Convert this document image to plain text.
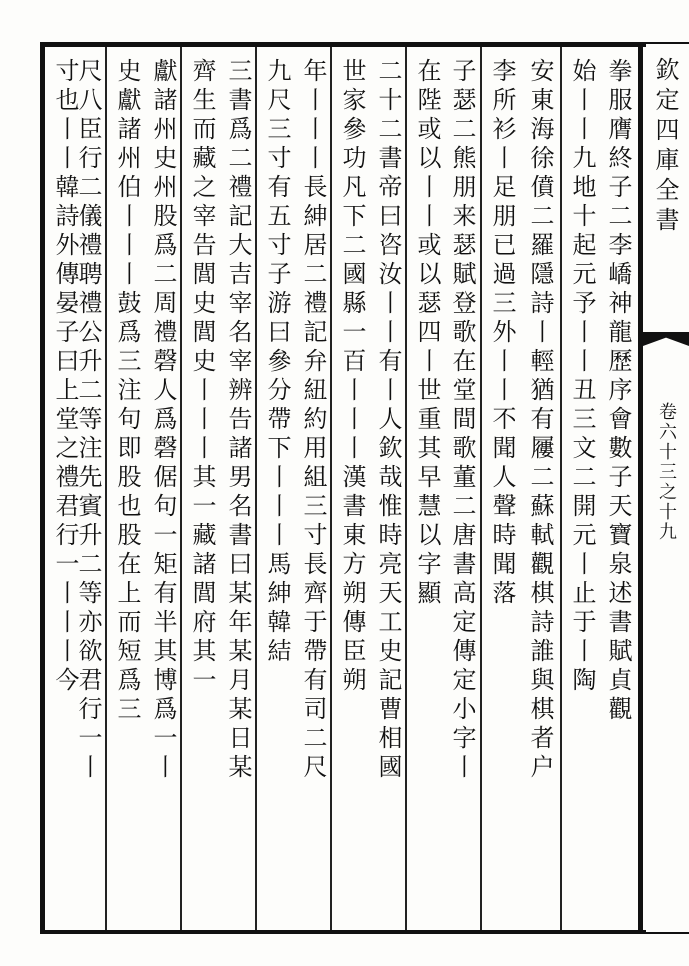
欽定四庫全書
卷六十三之十九
拳服膺終子二李嶠神龍歷序會數子天寶泉述書賦貞觀
始丨丨九地十起元予丨丨丑三文二開元丨止于丨陶
安東海徐僨二羅隱詩丨輕猶有屨二蘇軾觀棋詩誰與棋者户
李所衫丨足朋已過三外丨丨不聞人聲時聞落
子瑟二熊朋来瑟賦登歌在堂間歌董二唐書高定傳定小字丨
在陛或以丨丨或以瑟四丨世重其早慧以字顯
二十二書帝曰咨汝丨丨有丨人欽哉惟時亮天工史記曹相國
世家參功凡下二國縣一百丨丨丨漢書東方朔傳臣朔
年丨丨丨長紳居二禮記弁紐約用組三寸長齊于帶有司二尺
九尺三寸有五寸子游曰參分帶下丨丨丨馬紳韓結
三書爲二禮記大吉宰名宰辨告諸男名書曰某年某月某日某
齊生而藏之宰告閭史閭史丨丨丨其一藏諸閭府其一
獻諸州史州股爲二周禮磬人爲磬倨句一矩有半其博爲一丨
史獻諸州伯丨丨丨鼓爲三注句即股也股在上而短爲三
尺八臣行二儀禮聘禮公升二等注先賓升二等亦欲君行一丨
寸也丨丨韓詩外傳晏子曰上堂之禮君行一丨丨丨今
